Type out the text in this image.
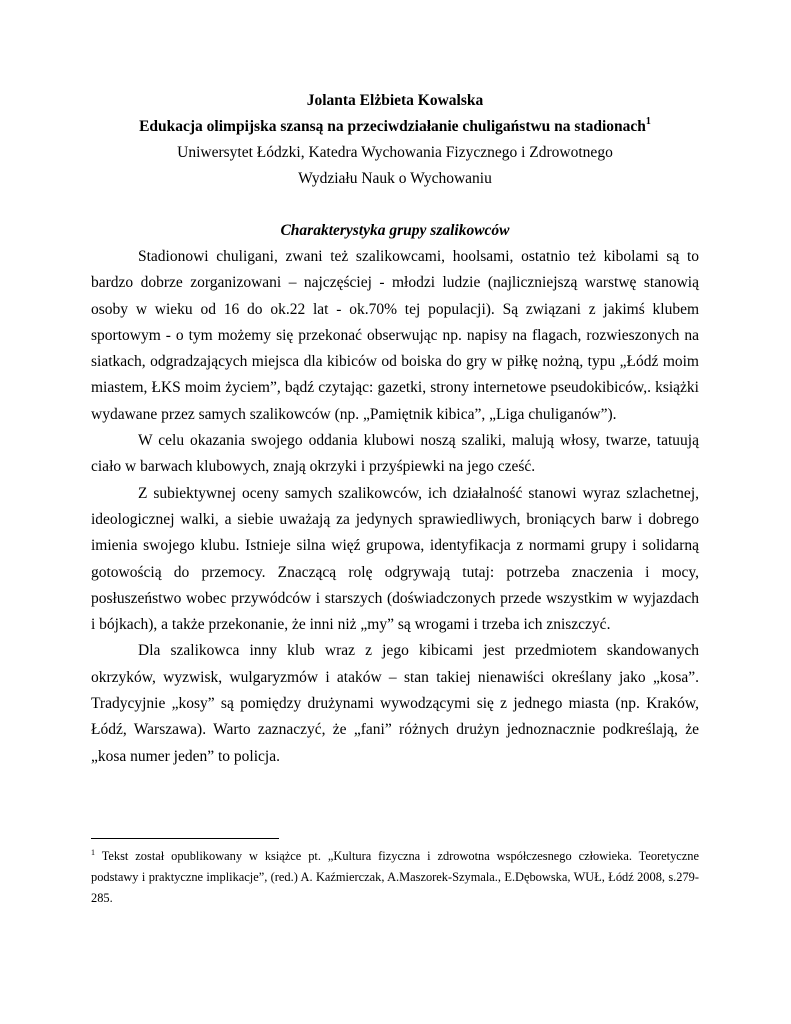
Jolanta Elżbieta Kowalska
Edukacja olimpijska szansą na przeciwdziałanie chuligaństwu na stadionach$^1$
Uniwersytet Łódzki, Katedra Wychowania Fizycznego i Zdrowotnego
Wydziału Nauk o Wychowaniu
Charakterystyka grupy szalikowców

Stadionowi chuligani, zwani też szalikowcami, hoolsami, ostatnio też kibolami są to bardzo dobrze zorganizowani – najczęściej - młodzi ludzie (najliczniejszą warstwę stanowią osoby w wieku od 16 do ok.22 lat - ok.70% tej populacji). Są związani z jakimś klubem sportowym - o tym możemy się przekonać obserwując np. napisy na flagach, rozwieszonych na siatkach, odgradzających miejsca dla kibiców od boiska do gry w piłkę nożną, typu „Łódź moim miastem, ŁKS moim życiem”, bądź czytając: gazetki, strony internetowe pseudokibiców,. książki wydawane przez samych szalikowców (np. „Pamiętnik kibica”, „Liga chuliganów”).

W celu okazania swojego oddania klubowi noszą szaliki, malują włosy, twarze, tatuują ciało w barwach klubowych, znają okrzyki i przyśpiewki na jego cześć.

Z subiektywnej oceny samych szalikowców, ich działalność stanowi wyraz szlachetnej, ideologicznej walki, a siebie uważają za jedynych sprawiedliwych, broniących barw i dobrego imienia swojego klubu. Istnieje silna więź grupowa, identyfikacja z normami grupy i solidarną gotowością do przemocy. Znaczącą rolę odgrywają tutaj: potrzeba znaczenia i mocy, posłuszeństwo wobec przywódców i starszych (doświadczonych przede wszystkim w wyjazdach i bójkach), a także przekonanie, że inni niż „my” są wrogami i trzeba ich zniszczyć.

Dla szalikowca inny klub wraz z jego kibicami jest przedmiotem skandowanych okrzyków, wyzwisk, wulgaryzmów i ataków – stan takiej nienawiści określany jako „kosa”. Tradycyjnie „kosy” są pomiędzy drużynami wywodzącymi się z jednego miasta (np. Kraków, Łódź, Warszawa). Warto zaznaczyć, że „fani” różnych drużyn jednoznacznie podkreślają, że „kosa numer jeden” to policja.

$^1$ Tekst został opublikowany w książce pt. „Kultura fizyczna i zdrowotna współczesnego człowieka. Teoretyczne podstawy i praktyczne implikacje”, (red.) A. Kaźmierczak, A.Maszorek-Szymala., E.Dębowska, WUŁ, Łódź 2008, s.279-285.
